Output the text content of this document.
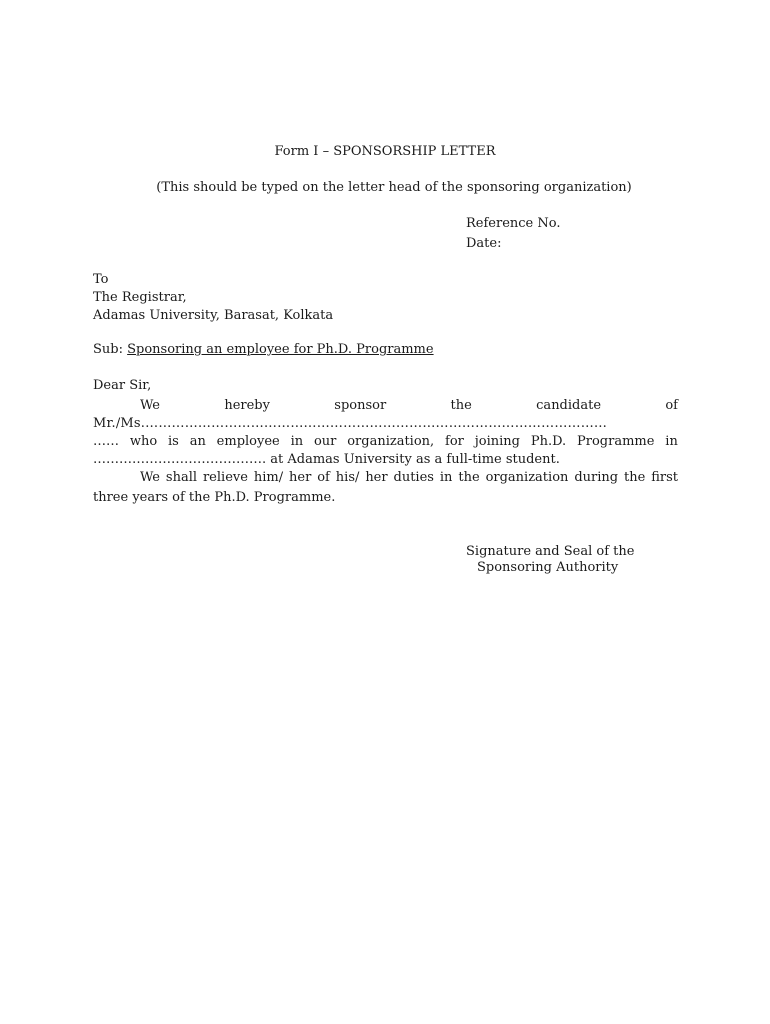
Form I – SPONSORSHIP LETTER
(This should be typed on the letter head of the sponsoring organization)
Reference No.
Date:
To
The Registrar,
Adamas University, Barasat, Kolkata
Sub: Sponsoring an employee for Ph.D. Programme
Dear Sir,
We	hereby	sponsor	the	candidate	of
Mr./Ms.……………………………………………………………………………………………
…… who is an employee in our organization, for joining Ph.D. Programme in
…………………………………. at Adamas University as a full-time student.
We shall relieve him/ her of his/ her duties in the organization during the first
three years of the Ph.D. Programme.
Signature and Seal of the
Sponsoring Authority
